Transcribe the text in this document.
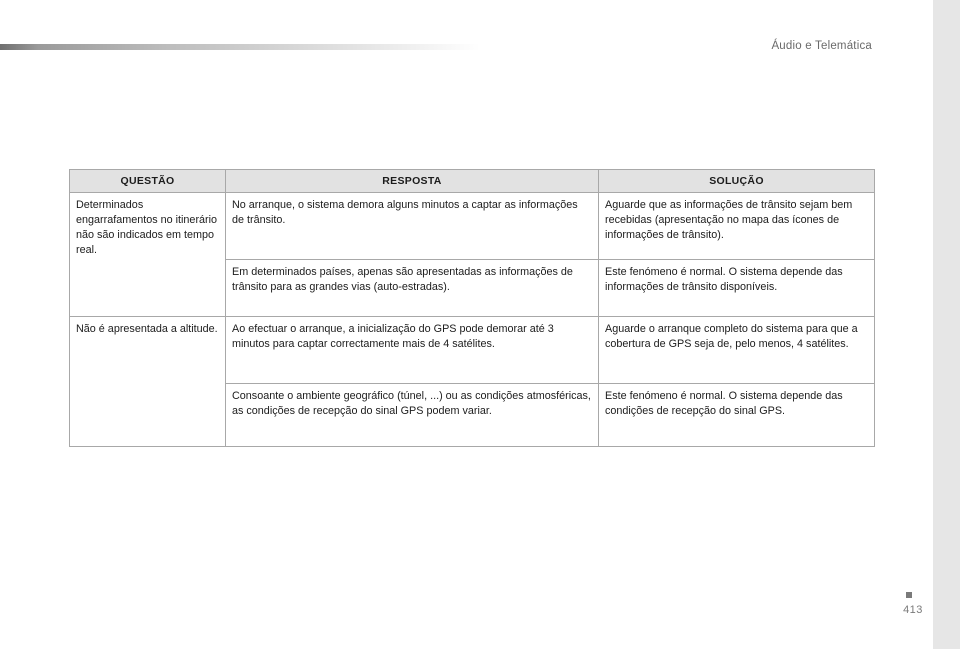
Áudio e Telemática
QUESTÃO	RESPOSTA	SOLUÇÃO

Determinados engarrafamentos no itinerário não são indicados em tempo real.	No arranque, o sistema demora alguns minutos a captar as informações de trânsito.	Aguarde que as informações de trânsito sejam bem recebidas (apresentação no mapa das ícones de informações de trânsito).

	Em determinados países, apenas são apresentadas as informações de trânsito para as grandes vias (auto-estradas).	Este fenómeno é normal. O sistema depende das informações de trânsito disponíveis.

Não é apresentada a altitude.	Ao efectuar o arranque, a inicialização do GPS pode demorar até 3 minutos para captar correctamente mais de 4 satélites.	Aguarde o arranque completo do sistema para que a cobertura de GPS seja de, pelo menos, 4 satélites.

	Consoante o ambiente geográfico (túnel, ...) ou as condições atmosféricas, as condições de recepção do sinal GPS podem variar.	Este fenómeno é normal. O sistema depende das condições de recepção do sinal GPS.
413
